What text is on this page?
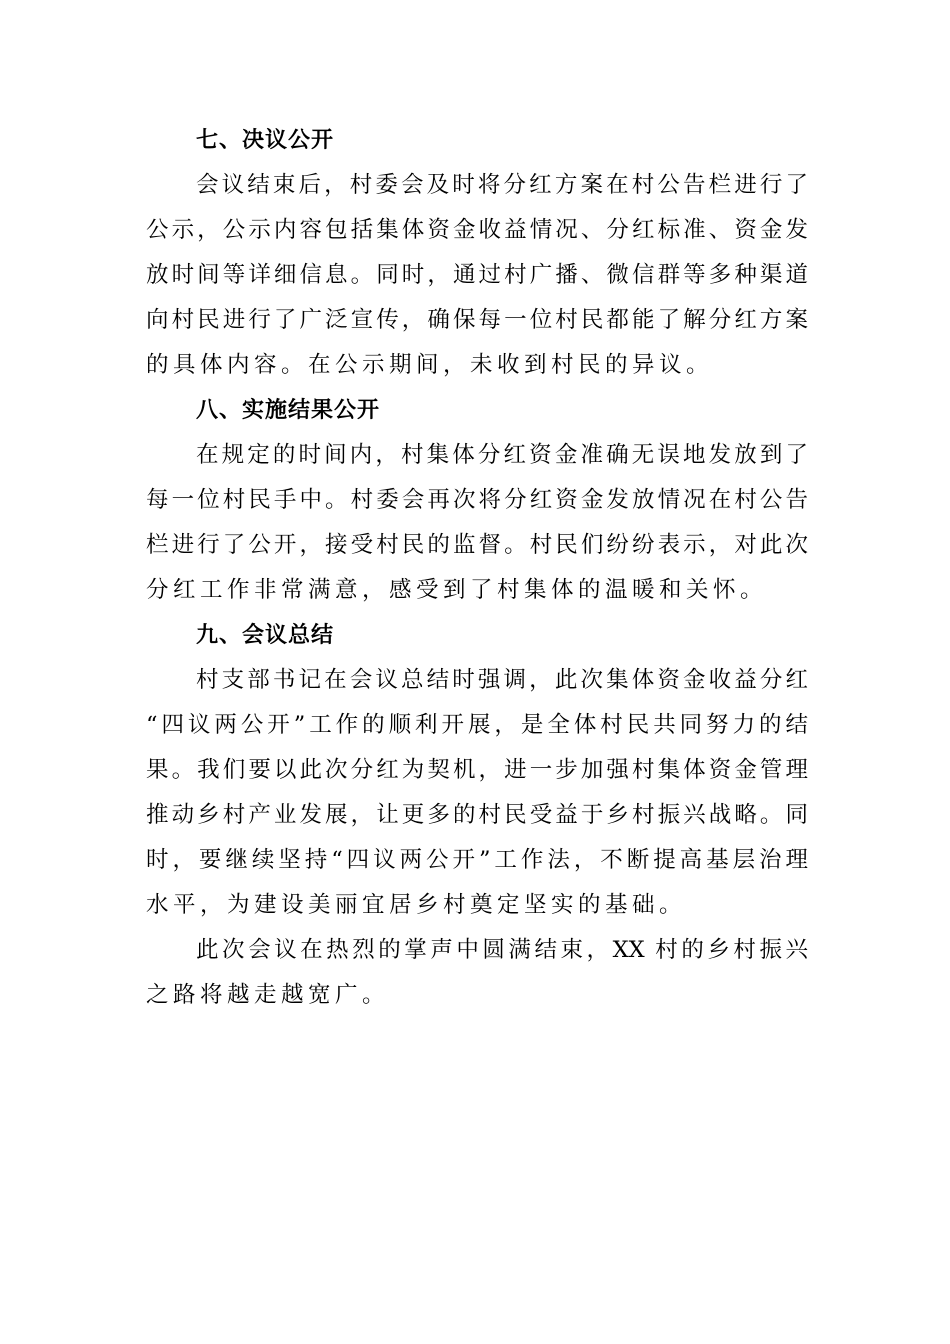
七、决议公开

会议结束后，村委会及时将分红方案在村公告栏进行了
公示，公示内容包括集体资金收益情况、分红标准、资金发
放时间等详细信息。同时，通过村广播、微信群等多种渠道
向村民进行了广泛宣传，确保每一位村民都能了解分红方案
的具体内容。在公示期间，未收到村民的异议。

八、实施结果公开

在规定的时间内，村集体分红资金准确无误地发放到了
每一位村民手中。村委会再次将分红资金发放情况在村公告
栏进行了公开，接受村民的监督。村民们纷纷表示，对此次
分红工作非常满意，感受到了村集体的温暖和关怀。

九、会议总结

村支部书记在会议总结时强调，此次集体资金收益分红
“四议两公开”工作的顺利开展，是全体村民共同努力的结
果。我们要以此次分红为契机，进一步加强村集体资金管理
推动乡村产业发展，让更多的村民受益于乡村振兴战略。同
时，要继续坚持“四议两公开”工作法，不断提高基层治理
水平，为建设美丽宜居乡村奠定坚实的基础。

此次会议在热烈的掌声中圆满结束，XX 村的乡村振兴
之路将越走越宽广。
